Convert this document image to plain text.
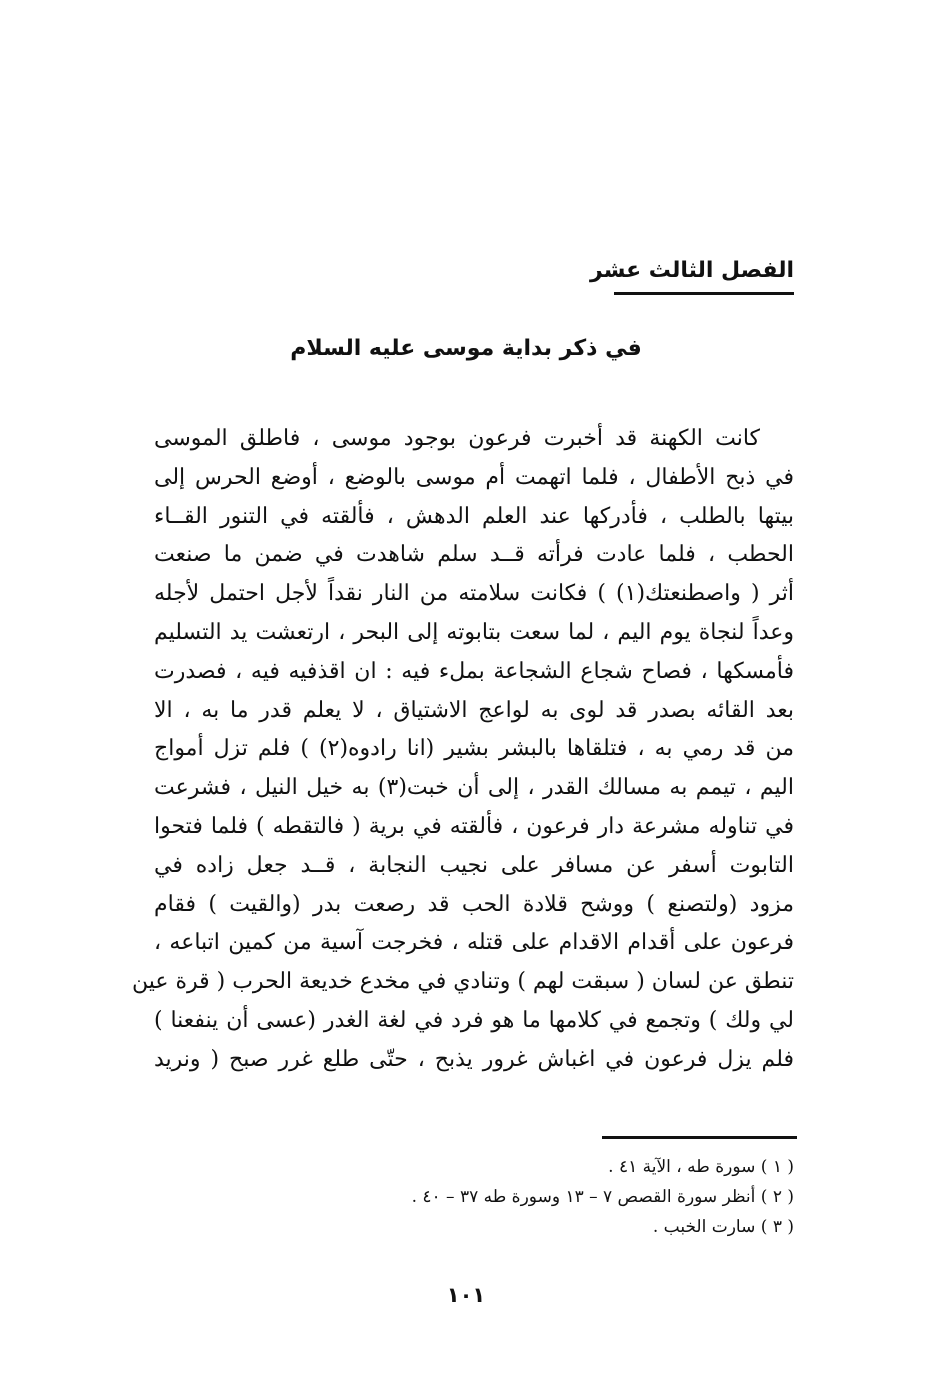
الفصل الثالث عشر
في ذكر بداية موسى عليه السلام
كانت الكهنة قد أخبرت فرعون بوجود موسى ، فاطلق الموسى
في ذبح الأطفال ، فلما اتهمت أم موسى بالوضع ، أوضع الحرس إلى
بيتها بالطلب ، فأدركها عند العلم الدهش ، فألقته في التنور القــاء
الحطب ، فلما عادت فرأته قــد سلم شاهدت في ضمن ما صنعت
أثر ( واصطنعتك(١) ) فكانت سلامته من النار نقداً لأجل احتمل لأجله
وعداً لنجاة يوم اليم ، لما سعت بتابوته إلى البحر ، ارتعشت يد التسليم
فأمسكها ، فصاح شجاع الشجاعة بملء فيه : ان اقذفيه فيه ، فصدرت
بعد القائه بصدر قد لوى به لواعج الاشتياق ، لا يعلم قدر ما به ، الا
من قد رمي به ، فتلقاها بالبشر بشير (انا رادوه(٢) ) فلم تزل أمواج
اليم ، تيمم به مسالك القدر ، إلى أن خبت(٣) به خيل النيل ، فشرعت
في تناوله مشرعة دار فرعون ، فألقته في برية ( فالتقطه ) فلما فتحوا
التابوت أسفر عن مسافر على نجيب النجابة ، قــد جعل زاده في
مزود (ولتصنع ) ووشح قلادة الحب قد رصعت بدر (والقيت ) فقام
فرعون على أقدام الاقدام على قتله ، فخرجت آسية من كمين اتباعه ،
تنطق عن لسان ( سبقت لهم ) وتنادي في مخدع خديعة الحرب ( قرة عين
لي ولك ) وتجمع في كلامها ما هو فرد في لغة الغدر (عسى أن ينفعنا )
فلم يزل فرعون في اغباش غرور يذبح ، حتّى طلع غرر صبح ( ونريد
( ١ ) سورة طه ، الآية ٤١ .
( ٢ ) أنظر سورة القصص ٧ – ١٣ وسورة طه ٣٧ – ٤٠ .
( ٣ ) سارت الخبب .
١٠١
